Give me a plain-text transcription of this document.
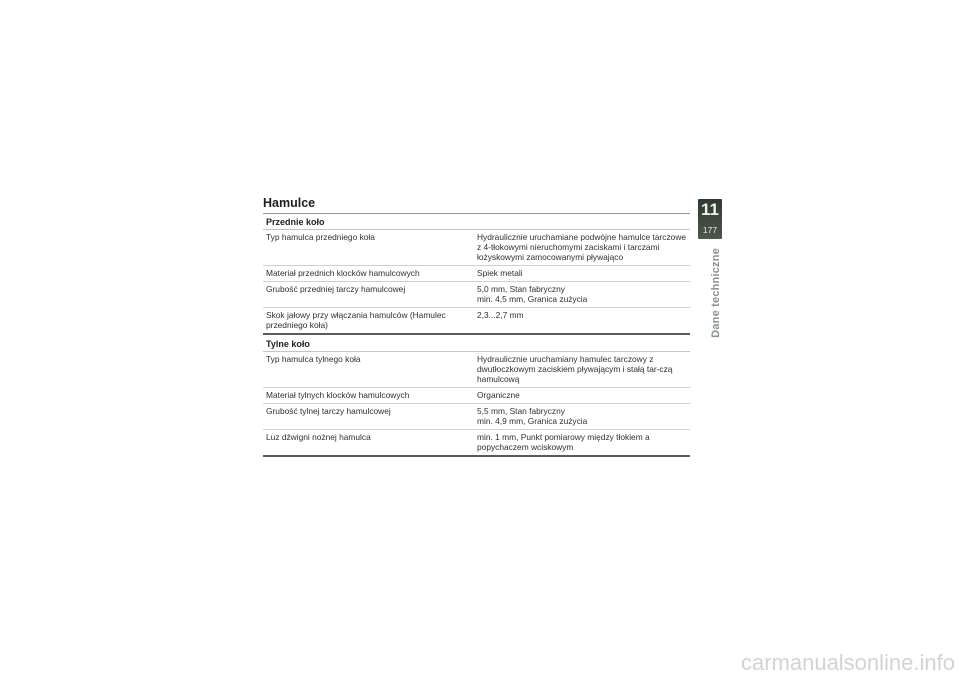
Hamulce
Przednie koło
Typ hamulca przedniego koła	Hydraulicznie uruchamiane podwójne hamulce tarczowe z 4-tłokowymi nieruchomymi zaciskami i tarczami łożyskowymi zamocowanymi pływająco

Materiał przednich klocków hamulcowych	Spiek metali

Grubość przedniej tarczy hamulcowej	5,0 mm, Stan fabryczny
min. 4,5 mm, Granica zużycia

Skok jałowy przy włączania hamulców (Hamulec przedniego koła)	2,3...2,7 mm
Tylne koło
Typ hamulca tylnego koła	Hydraulicznie uruchamiany hamulec tarczowy z dwutłoczkowym zaciskiem pływającym i stałą tar-czą hamulcową

Materiał tylnych klocków hamulcowych	Organiczne

Grubość tylnej tarczy hamulcowej	5,5 mm, Stan fabryczny
min. 4,9 mm, Granica zużycia

Luz dźwigni nożnej hamulca	min. 1 mm, Punkt pomiarowy między tłokiem a popychaczem wciskowym
11
177
Dane techniczne
carmanualsonline.info
